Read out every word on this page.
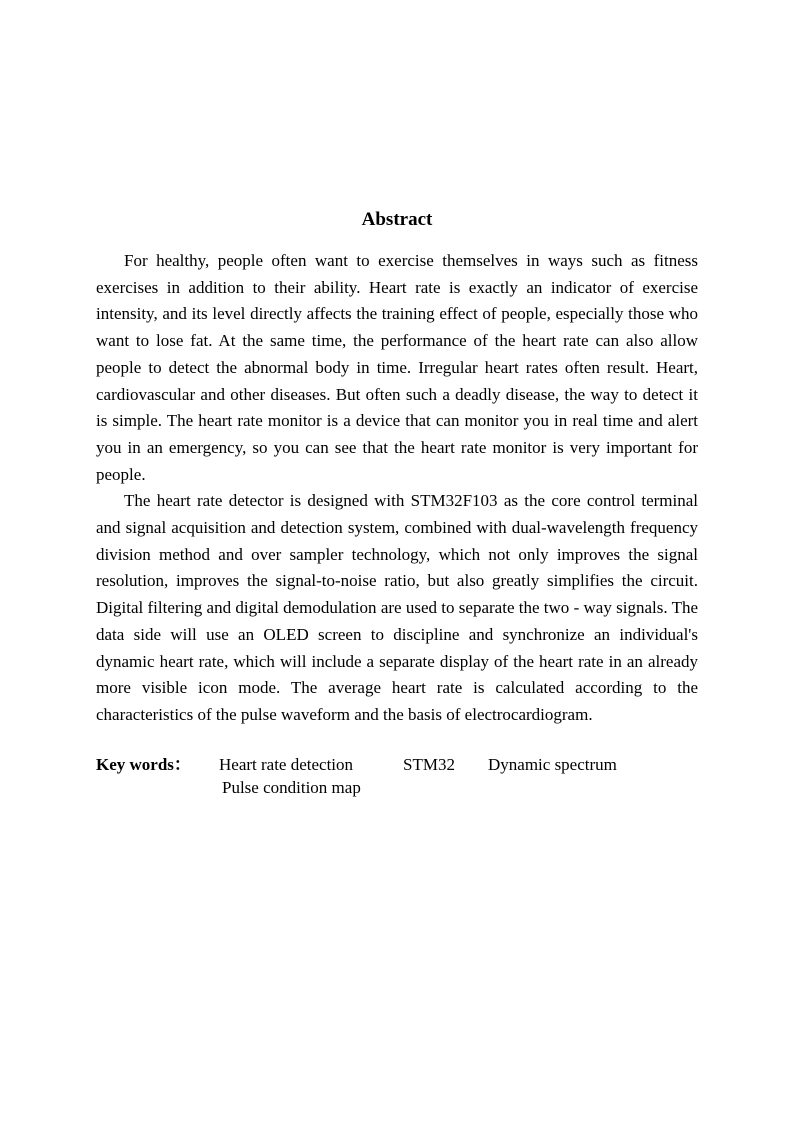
Abstract

For healthy, people often want to exercise themselves in ways such as fitness exercises in addition to their ability. Heart rate is exactly an indicator of exercise intensity, and its level directly affects the training effect of people, especially those who want to lose fat. At the same time, the performance of the heart rate can also allow people to detect the abnormal body in time. Irregular heart rates often result. Heart, cardiovascular and other diseases. But often such a deadly disease, the way to detect it is simple. The heart rate monitor is a device that can monitor you in real time and alert you in an emergency, so you can see that the heart rate monitor is very important for people.

The heart rate detector is designed with STM32F103 as the core control terminal and signal acquisition and detection system, combined with dual-wavelength frequency division method and over sampler technology, which not only improves the signal resolution, improves the signal-to-noise ratio, but also greatly simplifies the circuit. Digital filtering and digital demodulation are used to separate the two - way signals. The data side will use an OLED screen to discipline and synchronize an individual's dynamic heart rate, which will include a separate display of the heart rate in an already more visible icon mode. The average heart rate is calculated according to the characteristics of the pulse waveform and the basis of electrocardiogram.

Key words： Heart rate detection	STM32 Dynamic spectrum
Pulse condition map
